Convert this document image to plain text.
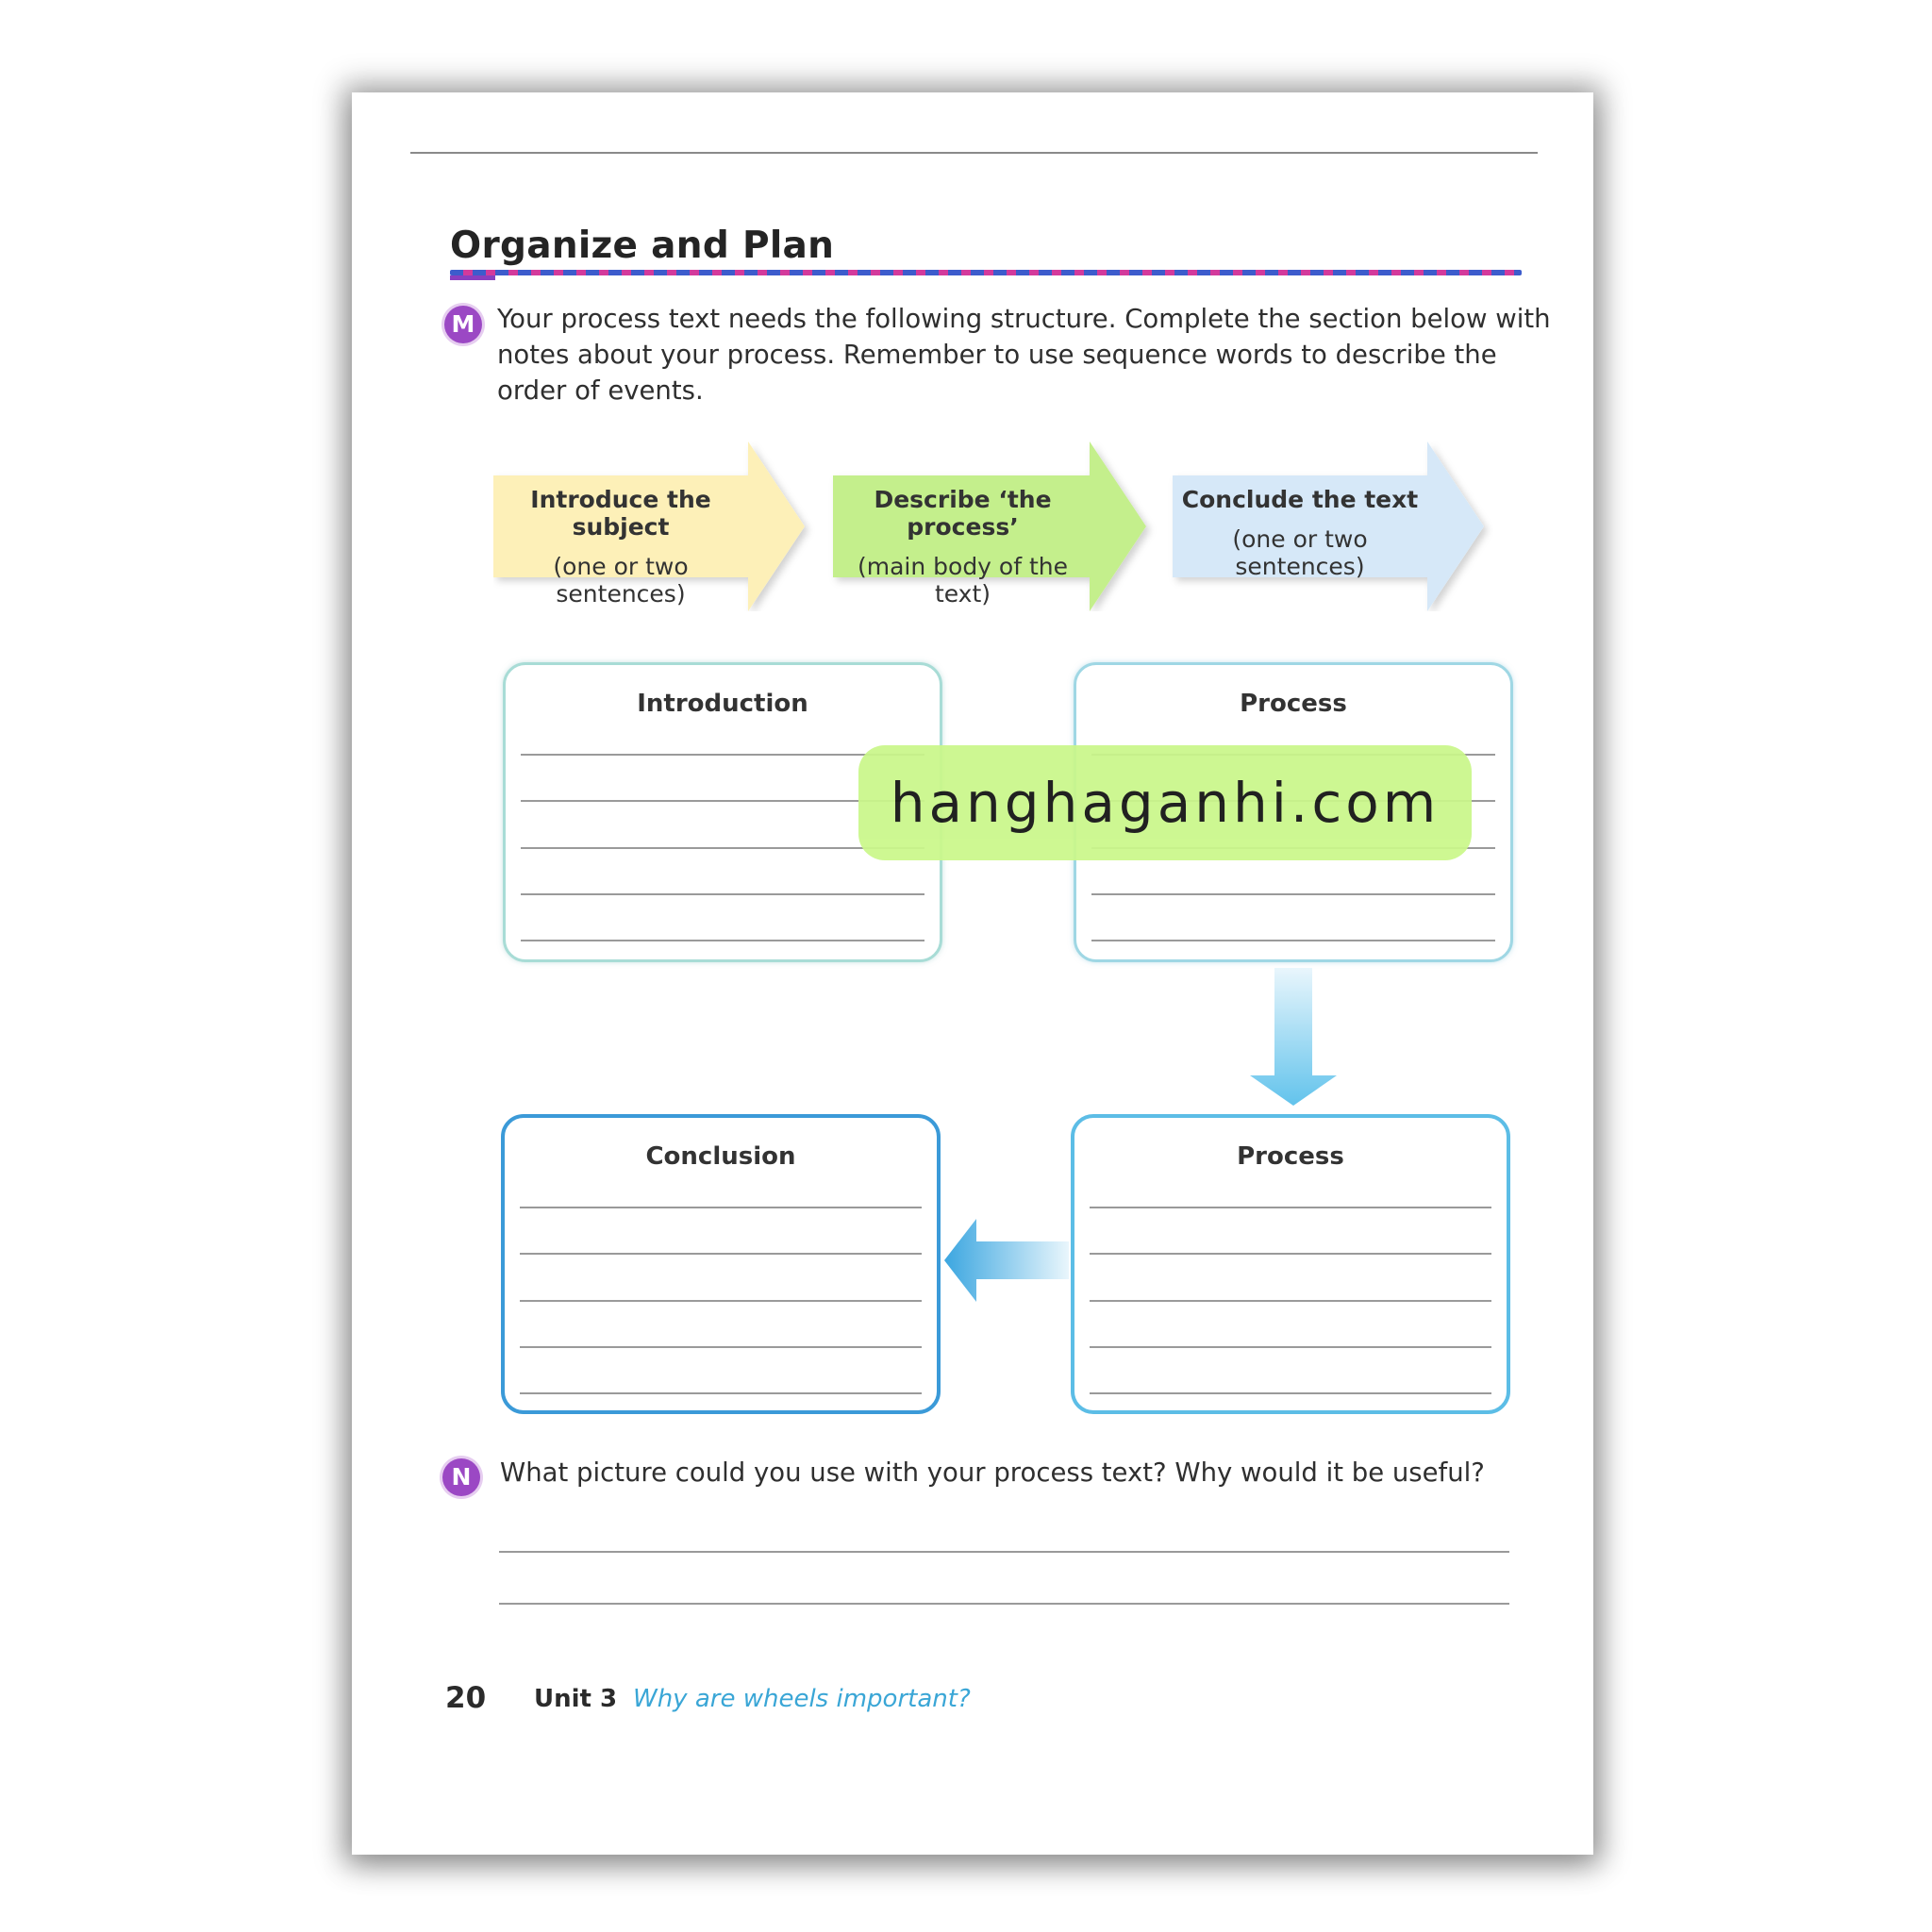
Organize and Plan
M Your process text needs the following structure. Complete the section below with
notes about your process. Remember to use sequence words to describe the
order of events.
Introduce the subject
(one or two sentences)
Describe ‘the process’
(main body of the text)
Conclude the text
(one or two sentences)
Introduction	Process
Conclusion	Process
N	What picture could you use with your process text? Why would it be useful?
20 Unit 3 Why are wheels important?
hanghaganhi.com
